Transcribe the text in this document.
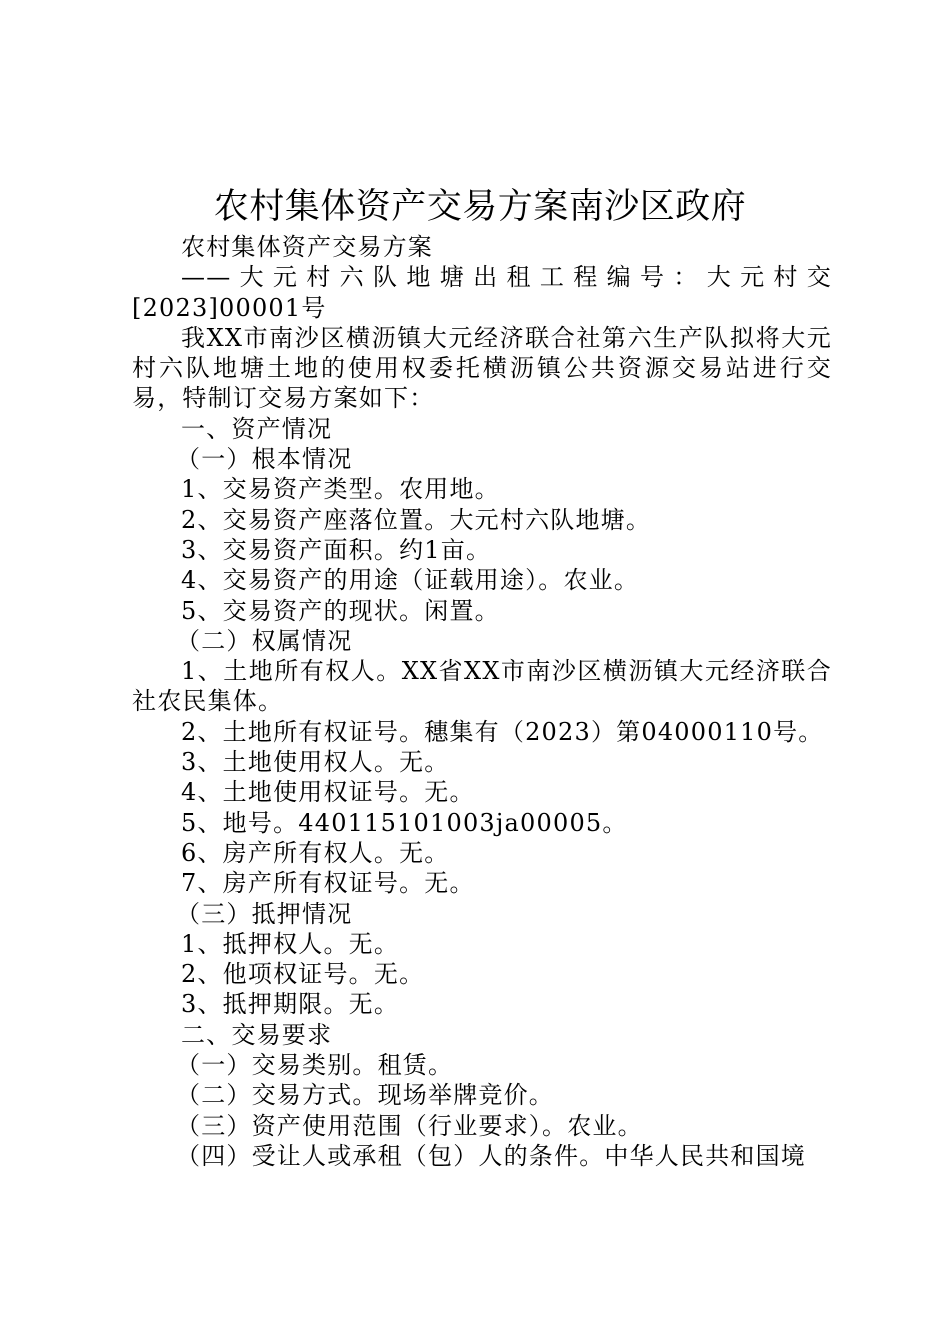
农村集体资产交易方案南沙区政府

农村集体资产交易方案

——大元村六队地塘出租工程编号：大元村交[2023]00001号

我XX市南沙区横沥镇大元经济联合社第六生产队拟将大元村六队地塘土地的使用权委托横沥镇公共资源交易站进行交易，特制订交易方案如下：

一、资产情况

（一）根本情况

1、交易资产类型。农用地。

2、交易资产座落位置。大元村六队地塘。

3、交易资产面积。约1亩。

4、交易资产的用途（证载用途）。农业。

5、交易资产的现状。闲置。

（二）权属情况

1、土地所有权人。XX省XX市南沙区横沥镇大元经济联合社农民集体。

2、土地所有权证号。穗集有（2023）第04000110号。

3、土地使用权人。无。

4、土地使用权证号。无。

5、地号。440115101003ja00005。

6、房产所有权人。无。

7、房产所有权证号。无。

（三）抵押情况

1、抵押权人。无。

2、他项权证号。无。

3、抵押期限。无。

二、交易要求

（一）交易类别。租赁。

（二）交易方式。现场举牌竞价。

（三）资产使用范围（行业要求）。农业。

（四）受让人或承租（包）人的条件。中华人民共和国境
